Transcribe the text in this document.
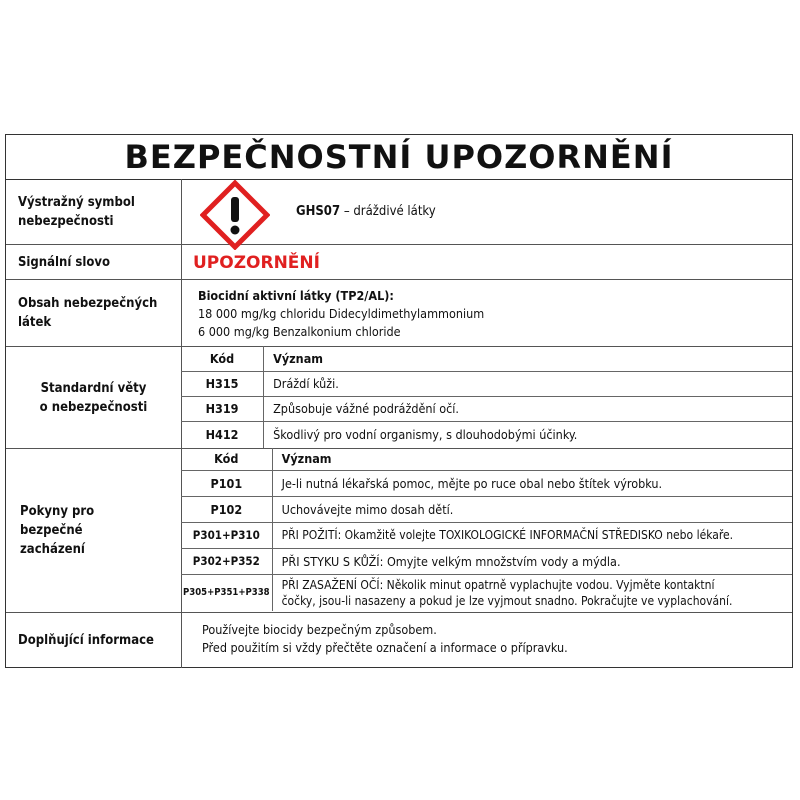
BEZPEČNOSTNÍ UPOZORNĚNÍ
Výstražný symbol nebezpečnosti
GHS07 – dráždivé látky
Signální slovo	UPOZORNĚNÍ
Obsah nebezpečných látek
Biocidní aktivní látky (TP2/AL):
18 000 mg/kg chloridu Didecyldimethylammonium
6 000 mg/kg Benzalkonium chloride
Standardní věty
o nebezpečnosti
Kód	Význam
H315	Dráždí kůži.
H319	Způsobuje vážné podráždění očí.
H412	Škodlivý pro vodní organismy, s dlouhodobými účinky.
Pokyny pro
bezpečné
zacházení
Kód	Význam
P101	Je-li nutná lékařská pomoc, mějte po ruce obal nebo štítek výrobku.
P102	Uchovávejte mimo dosah dětí.
P301+P310	PŘI POŽITÍ: Okamžitě volejte TOXIKOLOGICKÉ INFORMAČNÍ STŘEDISKO nebo lékaře.
P302+P352	PŘI STYKU S KŮŽÍ: Omyjte velkým množstvím vody a mýdla.
P305+P351+P338	PŘI ZASAŽENÍ OČÍ: Několik minut opatrně vyplachujte vodou. Vyjměte kontaktní
čočky, jsou-li nasazeny a pokud je lze vyjmout snadno. Pokračujte ve vyplachování.
Doplňující informace
Používejte biocidy bezpečným způsobem.
Před použitím si vždy přečtěte označení a informace o přípravku.
